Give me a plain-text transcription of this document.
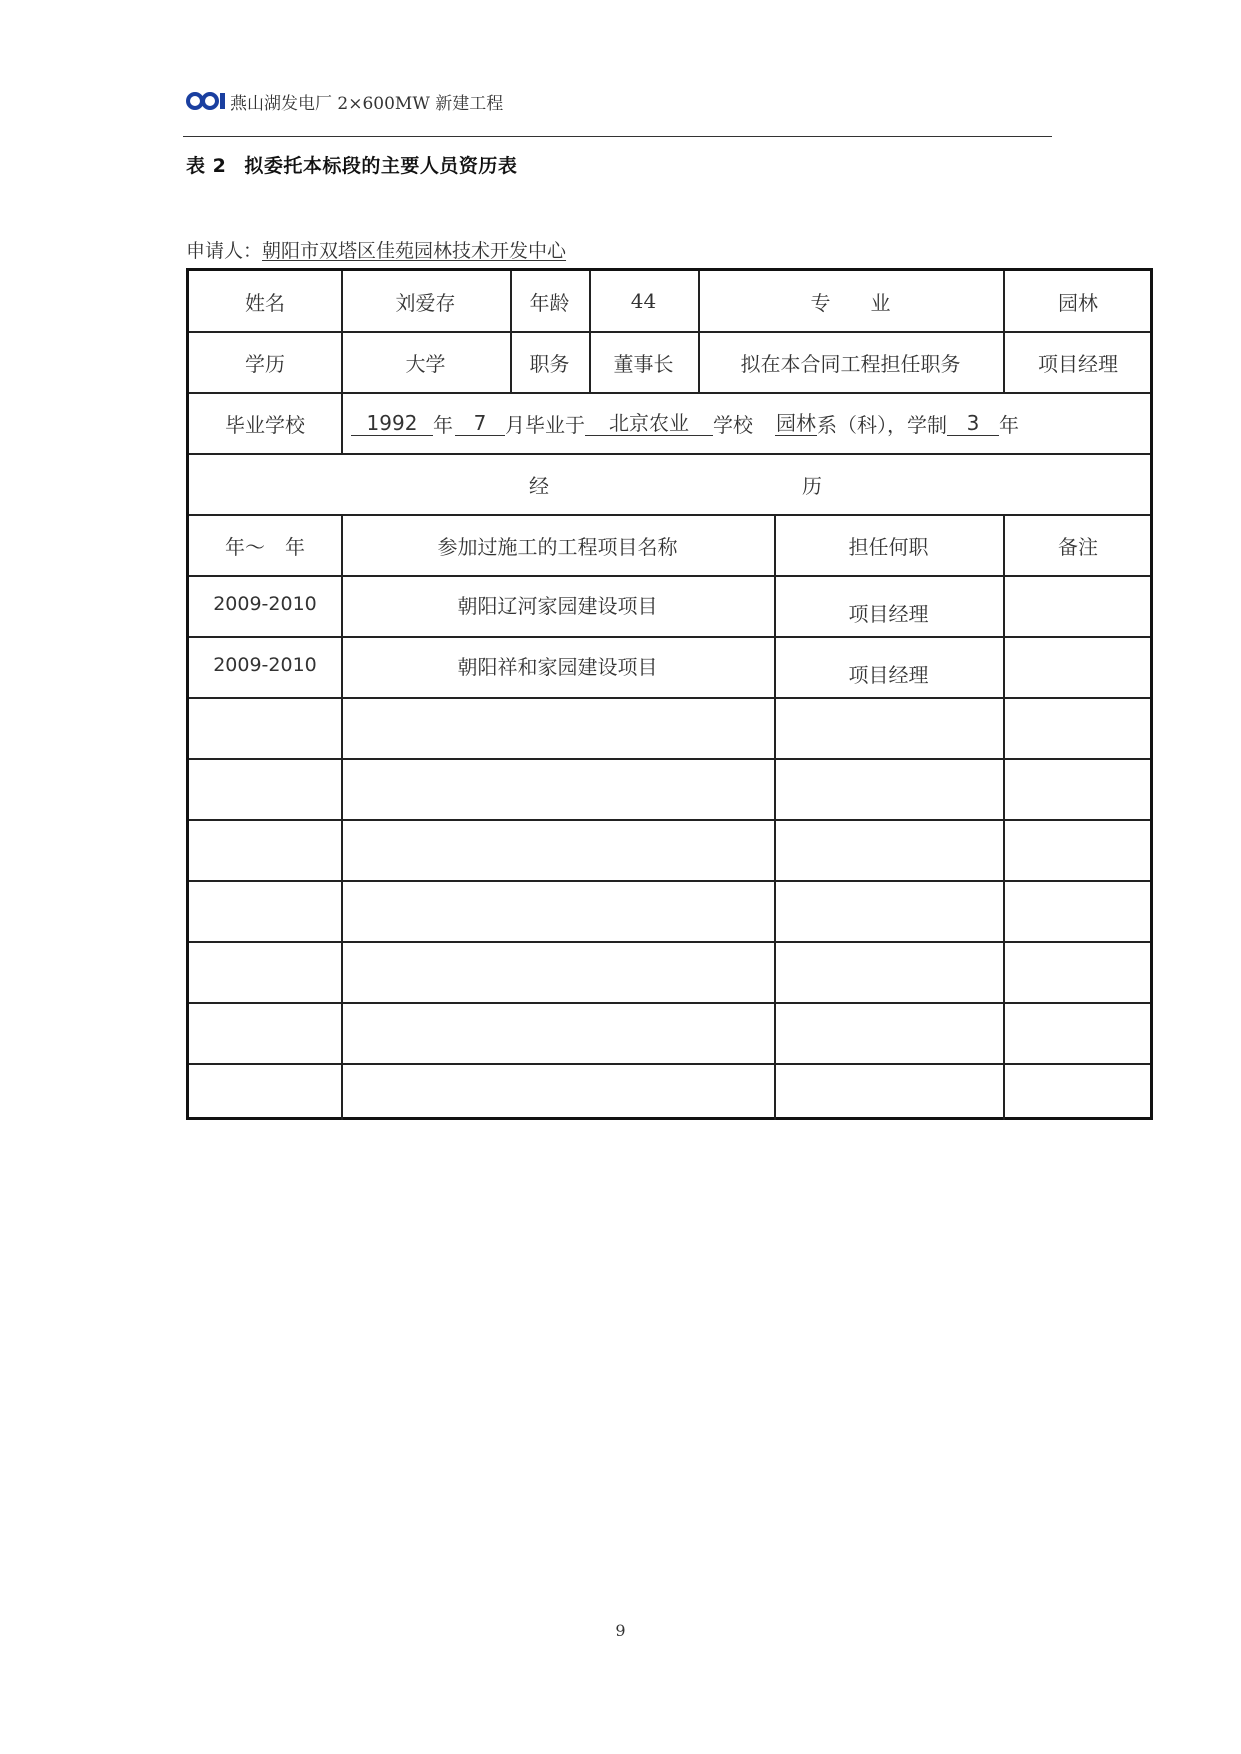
燕山湖发电厂 2×600MW 新建工程
表 2 拟委托本标段的主要人员资历表
申请人：朝阳市双塔区佳苑园林技术开发中心
姓名	刘爱存	年龄	44	专　　业	园林
学历	大学	职务	董事长	拟在本合同工程担任职务	项目经理
毕业学校	1992 年	7 月毕业于	北京农业	学校 园林 系（科），学制 3 年
经	历
年～　年	参加过施工的工程项目名称	担任何职	备注
2009-2010	朝阳辽河家园建设项目	项目经理
2009-2010	朝阳祥和家园建设项目	项目经理
9
